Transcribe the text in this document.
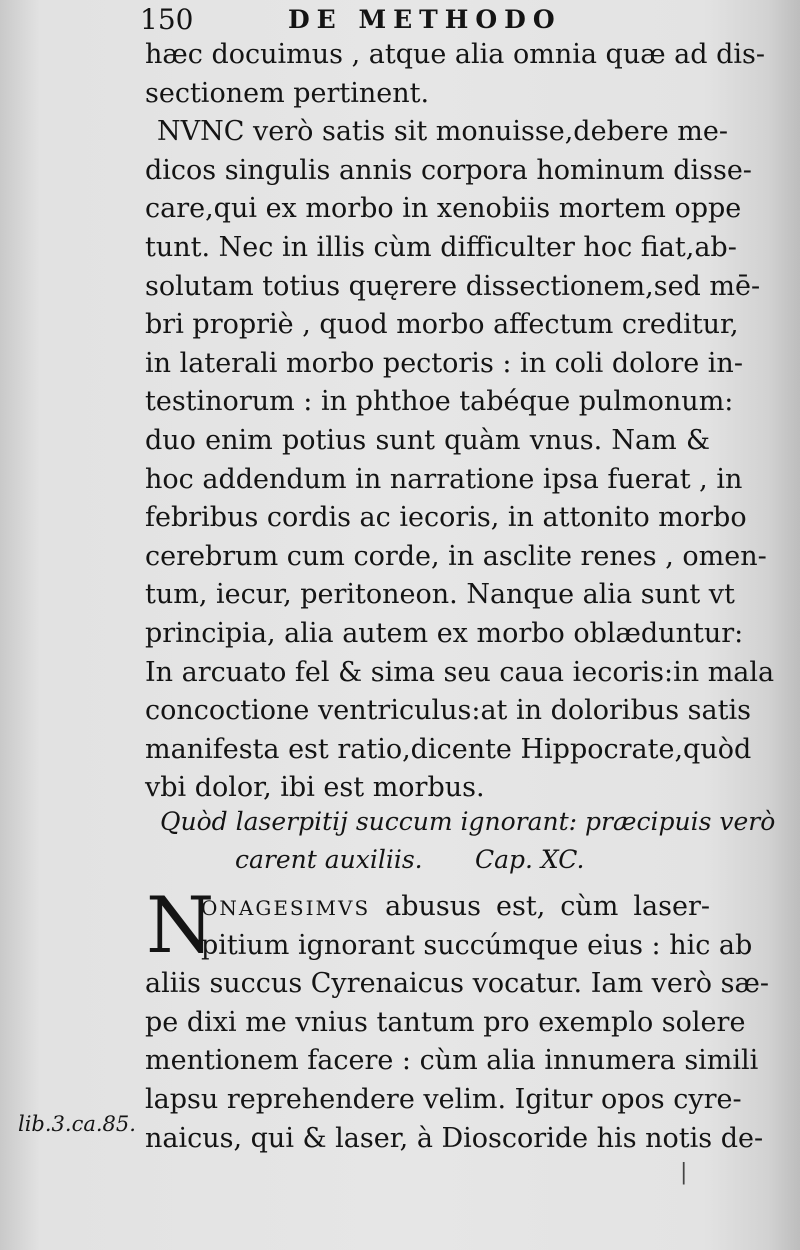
150	DE METHODO
hæc docuimus , atque alia omnia quæ ad dis-
sectionem pertinent.
NVNC verò satis sit monuisse,debere me-
dicos singulis annis corpora hominum disse-
care,qui ex morbo in xenobiis mortem oppe
tunt. Nec in illis cùm difficulter hoc fiat,ab-
solutam totius quęrere dissectionem,sed mē-
bri propriè , quod morbo affectum creditur,
in laterali morbo pectoris : in coli dolore in-
testinorum : in phthoe tabéque pulmonum:
duo enim potius sunt quàm vnus. Nam &
hoc addendum in narratione ipsa fuerat , in
febribus cordis ac iecoris, in attonito morbo
cerebrum cum corde, in asclite renes , omen-
tum, iecur, peritoneon. Nanque alia sunt vt
principia, alia autem ex morbo oblæduntur:
In arcuato fel & sima seu caua iecoris:in mala
concoctione ventriculus:at in doloribus satis
manifesta est ratio,dicente Hippocrate,quòd
vbi dolor, ibi est morbus.
Quòd laserpitij succum ignorant: præcipuis verò
carent auxiliis. Cap. XC.
N
ONAGESIMVS abusus est, cùm laser-
pitium ignorant succúmque eius : hic ab
aliis succus Cyrenaicus vocatur. Iam verò sæ-
pe dixi me vnius tantum pro exemplo solere
mentionem facere : cùm alia innumera simili
lapsu reprehendere velim. Igitur opos cyre-
naicus, qui & laser, à Dioscoride his notis de-
lib.3.ca.85.
|
